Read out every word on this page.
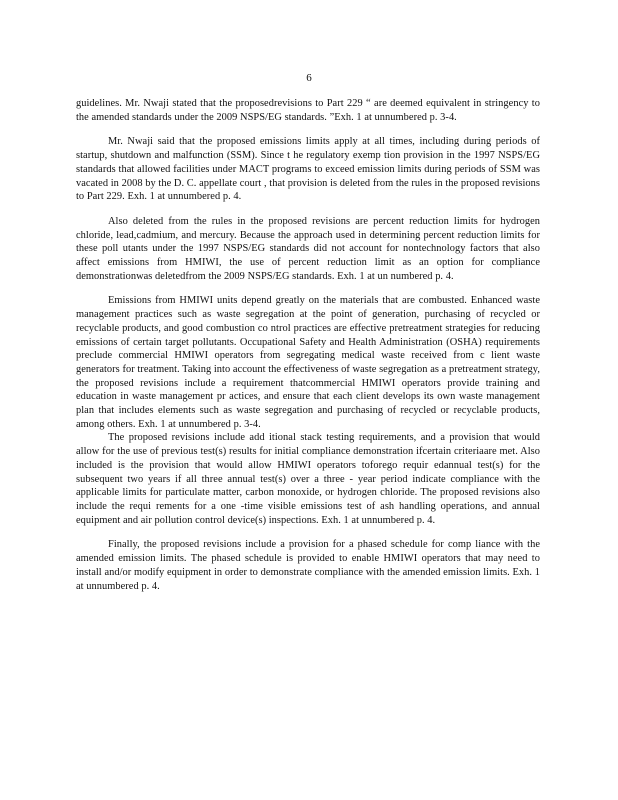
6

guidelines. Mr. Nwaji stated that the proposedrevisions to Part 229 “ are deemed equivalent in stringency to the amended standards under the 2009 NSPS/EG standards. ”Exh. 1 at unnumbered p. 3-4.

Mr. Nwaji said that the proposed emissions limits apply at all times, including during periods of startup, shutdown and malfunction (SSM). Since t he regulatory exemp tion provision in the 1997 NSPS/EG standards that allowed facilities under MACT programs to exceed emission limits during periods of SSM was vacated in 2008 by the D. C. appellate court , that provision is deleted from the rules in the proposed revisions to Part 229. Exh. 1 at unnumbered p. 4.

Also deleted from the rules in the proposed revisions are percent reduction limits for hydrogen chloride, lead,cadmium, and mercury. Because the approach used in determining percent reduction limits for these poll utants under the 1997 NSPS/EG standards did not account for nontechnology factors that also affect emissions from HMIWI, the use of percent reduction limit as an option for compliance demonstrationwas deletedfrom the 2009 NSPS/EG standards. Exh. 1 at un numbered p. 4.

Emissions from HMIWI units depend greatly on the materials that are combusted. Enhanced waste management practices such as waste segregation at the point of generation, purchasing of recycled or recyclable products, and good combustion co ntrol practices are effective pretreatment strategies for reducing emissions of certain target pollutants. Occupational Safety and Health Administration (OSHA) requirements preclude commercial HMIWI operators from segregating medical waste received from c lient waste generators for treatment. Taking into account the effectiveness of waste segregation as a pretreatment strategy, the proposed revisions include a requirement thatcommercial HMIWI operators provide training and education in waste management pr actices, and ensure that each client develops its own waste management plan that includes elements such as waste segregation and purchasing of recycled or recyclable products, among others. Exh. 1 at unnumbered p. 3-4.

The proposed revisions include add itional stack testing requirements, and a provision that would allow for the use of previous test(s) results for initial compliance demonstration ifcertain criteriaare met. Also included is the provision that would allow HMIWI operators toforego requir edannual test(s) for the subsequent two years if all three annual test(s) over a three - year period indicate compliance with the applicable limits for particulate matter, carbon monoxide, or hydrogen chloride. The proposed revisions also include the requi rements for a one -time visible emissions test of ash handling operations, and annual equipment and air pollution control device(s) inspections. Exh. 1 at unnumbered p. 4.

Finally, the proposed revisions include a provision for a phased schedule for comp liance with the amended emission limits. The phased schedule is provided to enable HMIWI operators that may need to install and/or modify equipment in order to demonstrate compliance with the amended emission limits. Exh. 1 at unnumbered p. 4.
